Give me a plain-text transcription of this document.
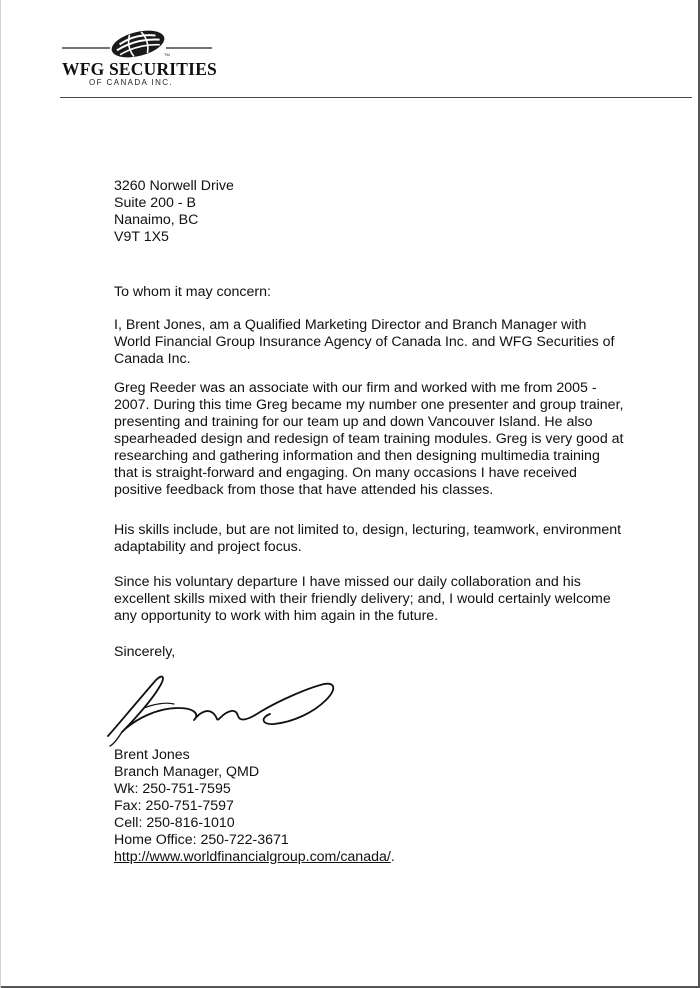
TM
WFG SECURITIES
OF CANADA INC.
3260 Norwell Drive
Suite 200 - B
Nanaimo, BC
V9T 1X5
To whom it may concern:
I, Brent Jones, am a Qualified Marketing Director and Branch Manager with
World Financial Group Insurance Agency of Canada Inc. and WFG Securities of
Canada Inc.
Greg Reeder was an associate with our firm and worked with me from 2005 -
2007. During this time Greg became my number one presenter and group trainer,
presenting and training for our team up and down Vancouver Island. He also
spearheaded design and redesign of team training modules. Greg is very good at
researching and gathering information and then designing multimedia training
that is straight-forward and engaging. On many occasions I have received
positive feedback from those that have attended his classes.
His skills include, but are not limited to, design, lecturing, teamwork, environment
adaptability and project focus.
Since his voluntary departure I have missed our daily collaboration and his
excellent skills mixed with their friendly delivery; and, I would certainly welcome
any opportunity to work with him again in the future.
Sincerely,
Brent Jones
Branch Manager, QMD
Wk: 250-751-7595
Fax: 250-751-7597
Cell: 250-816-1010
Home Office: 250-722-3671
http://www.worldfinancialgroup.com/canada/.
